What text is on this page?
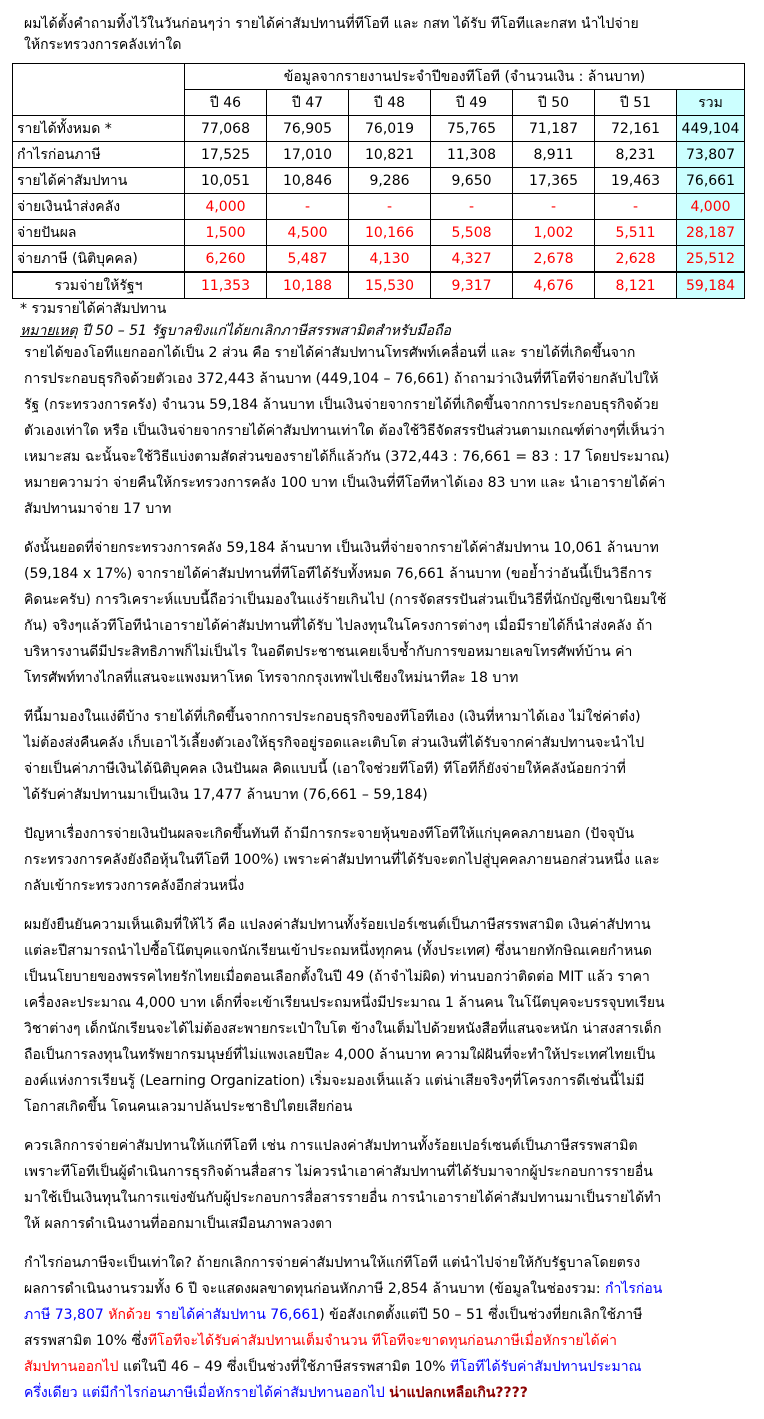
ผมได้ตั้งคำถามทิ้งไว้ในวันก่อนๆว่า รายได้ค่าสัมปทานที่ทีโอที และ กสท ได้รับ ทีโอทีและกสท นำไปจ่าย
ให้กระทรวงการคลังเท่าใด
	ข้อมูลจากรายงานประจำปีของทีโอที (จำนวนเงิน : ล้านบาท)						
	ปี 46	ปี 47	ปี 48	ปี 49	ปี 50	ปี 51	รวม
รายได้ทั้งหมด *	77,068	76,905	76,019	75,765	71,187	72,161	449,104
กำไรก่อนภาษี	17,525	17,010	10,821	11,308	8,911	8,231	73,807
รายได้ค่าสัมปทาน	10,051	10,846	9,286	9,650	17,365	19,463	76,661
จ่ายเงินนำส่งคลัง	4,000	-	-	-	-	-	4,000
จ่ายปันผล	1,500	4,500	10,166	5,508	1,002	5,511	28,187
จ่ายภาษี (นิติบุคคล)	6,260	5,487	4,130	4,327	2,678	2,628	25,512
รวมจ่ายให้รัฐฯ	11,353	10,188	15,530	9,317	4,676	8,121	59,184
* รวมรายได้ค่าสัมปทาน
หมายเหตุ ปี 50 – 51 รัฐบาลขิงแก่ได้ยกเลิกภาษีสรรพสามิตสำหรับมือถือ
รายได้ของโอทีแยกออกได้เป็น 2 ส่วน คือ รายได้ค่าสัมปทานโทรศัพท์เคลื่อนที่ และ รายได้ที่เกิดขึ้นจาก
การประกอบธุรกิจด้วยตัวเอง 372,443 ล้านบาท (449,104 – 76,661) ถ้าถามว่าเงินที่ทีโอทีจ่ายกลับไปให้
รัฐ (กระทรวงการครัง) จำนวน 59,184 ล้านบาท เป็นเงินจ่ายจากรายได้ที่เกิดขึ้นจากการประกอบธุรกิจด้วย
ตัวเองเท่าใด หรือ เป็นเงินจ่ายจากรายได้ค่าสัมปทานเท่าใด ต้องใช้วิธีจัดสรรปันส่วนตามเกณฑ์ต่างๆที่เห็นว่า
เหมาะสม ฉะนั้นจะใช้วิธีแบ่งตามสัดส่วนของรายได้ก็แล้วกัน (372,443 : 76,661 = 83 : 17 โดยประมาณ)
หมายความว่า จ่ายคืนให้กระทรวงการคลัง 100 บาท เป็นเงินที่ทีโอทีหาได้เอง 83 บาท และ นำเอารายได้ค่า
สัมปทานมาจ่าย 17 บาท
ดังนั้นยอดที่จ่ายกระทรวงการคลัง 59,184 ล้านบาท เป็นเงินที่จ่ายจากรายได้ค่าสัมปทาน 10,061 ล้านบาท
(59,184 x 17%) จากรายได้ค่าสัมปทานที่ทีโอทีได้รับทั้งหมด 76,661 ล้านบาท (ขอย้ำว่าอันนี้เป็นวิธีการ
คิดนะครับ) การวิเคราะห์แบบนี้ถือว่าเป็นมองในแง่ร้ายเกินไป (การจัดสรรปันส่วนเป็นวิธีที่นักบัญชีเขานิยมใช้
กัน) จริงๆแล้วทีโอทีนำเอารายได้ค่าสัมปทานที่ได้รับ ไปลงทุนในโครงการต่างๆ เมื่อมีรายได้ก็นำส่งคลัง ถ้า
บริหารงานดีมีประสิทธิภาพก็ไม่เป็นไร ในอดีตประชาชนเคยเจ็บช้ำกับการขอหมายเลขโทรศัพท์บ้าน ค่า
โทรศัพท์ทางไกลที่แสนจะแพงมหาโหด โทรจากกรุงเทพไปเชียงใหม่นาทีละ 18 บาท
ทีนี้มามองในแง่ดีบ้าง รายได้ที่เกิดขึ้นจากการประกอบธุรกิจของทีโอทีเอง (เงินที่หามาได้เอง ไม่ใช่ค่าต๋ง)
ไม่ต้องส่งคืนคลัง เก็บเอาไว้เลี้ยงตัวเองให้ธุรกิจอยู่รอดและเติบโต ส่วนเงินที่ได้รับจากค่าสัมปทานจะนำไป
จ่ายเป็นค่าภาษีเงินได้นิติบุคคล เงินปันผล คิดแบบนี้ (เอาใจช่วยทีโอที) ทีโอทีก็ยังจ่ายให้คลังน้อยกว่าที่
ได้รับค่าสัมปทานมาเป็นเงิน 17,477 ล้านบาท (76,661 – 59,184)
ปัญหาเรื่องการจ่ายเงินปันผลจะเกิดขึ้นทันที ถ้ามีการกระจายหุ้นของทีโอทีให้แก่บุคคลภายนอก (ปัจจุบัน
กระทรวงการคลังยังถือหุ้นในทีโอที 100%) เพราะค่าสัมปทานที่ได้รับจะตกไปสู่บุคคลภายนอกส่วนหนึ่ง และ
กลับเข้ากระทรวงการคลังอีกส่วนหนึ่ง
ผมยังยืนยันความเห็นเดิมที่ให้ไว้ คือ แปลงค่าสัมปทานทั้งร้อยเปอร์เซนต์เป็นภาษีสรรพสามิต เงินค่าสัปทาน
แต่ละปีสามารถนำไปซื้อโน๊ตบุคแจกนักเรียนเข้าประถมหนึ่งทุกคน (ทั้งประเทศ) ซึ่งนายกทักษิณเคยกำหนด
เป็นนโยบายของพรรคไทยรักไทยเมื่อตอนเลือกตั้งในปี 49 (ถ้าจำไม่ผิด) ท่านบอกว่าติดต่อ MIT แล้ว ราคา
เครื่องละประมาณ 4,000 บาท เด็กที่จะเข้าเรียนประถมหนึ่งมีประมาณ 1 ล้านคน ในโน๊ตบุคจะบรรจุบทเรียน
วิชาต่างๆ เด็กนักเรียนจะได้ไม่ต้องสะพายกระเป๋าใบโต ข้างในเต็มไปด้วยหนังสือที่แสนจะหนัก น่าสงสารเด็ก
ถือเป็นการลงทุนในทรัพยากรมนุษย์ที่ไม่แพงเลยปีละ 4,000 ล้านบาท ความใฝ่ฝันที่จะทำให้ประเทศไทยเป็น
องค์แห่งการเรียนรู้ (Learning Organization) เริ่มจะมองเห็นแล้ว แต่น่าเสียจริงๆที่โครงการดีเช่นนี้ไม่มี
โอกาสเกิดขึ้น โดนคนเลวมาปล้นประชาธิปไตยเสียก่อน
ควรเลิกการจ่ายค่าสัมปทานให้แก่ทีโอที เช่น การแปลงค่าสัมปทานทั้งร้อยเปอร์เซนต์เป็นภาษีสรรพสามิต
เพราะทีโอทีเป็นผู้ดำเนินการธุรกิจด้านสื่อสาร ไม่ควรนำเอาค่าสัมปทานที่ได้รับมาจากผู้ประกอบการรายอื่น
มาใช้เป็นเงินทุนในการแข่งขันกับผู้ประกอบการสื่อสารรายอื่น การนำเอารายได้ค่าสัมปทานมาเป็นรายได้ทำ
ให้ ผลการดำเนินงานที่ออกมาเป็นเสมือนภาพลวงตา
กำไรก่อนภาษีจะเป็นเท่าใด? ถ้ายกเลิกการจ่ายค่าสัมปทานให้แก่ทีโอที แต่นำไปจ่ายให้กับรัฐบาลโดยตรง
ผลการดำเนินงานรวมทั้ง 6 ปี จะแสดงผลขาดทุนก่อนหักภาษี 2,854 ล้านบาท (ข้อมูลในช่องรวม: กำไรก่อน
ภาษี 73,807 หักด้วย รายได้ค่าสัมปทาน 76,661) ข้อสังเกตตั้งแต่ปี 50 – 51 ซึ่งเป็นช่วงที่ยกเลิกใช้ภาษี
สรรพสามิต 10% ซึ่งทีโอทีจะได้รับค่าสัมปทานเต็มจำนวน ทีโอทีจะขาดทุนก่อนภาษีเมื่อหักรายได้ค่า
สัมปทานออกไป แต่ในปี 46 – 49 ซึ่งเป็นช่วงที่ใช้ภาษีสรรพสามิต 10% ทีโอทีได้รับค่าสัมปทานประมาณ
ครึ่งเดียว แต่มีกำไรก่อนภาษีเมื่อหักรายได้ค่าสัมปทานออกไป น่าแปลกเหลือเกิน????
